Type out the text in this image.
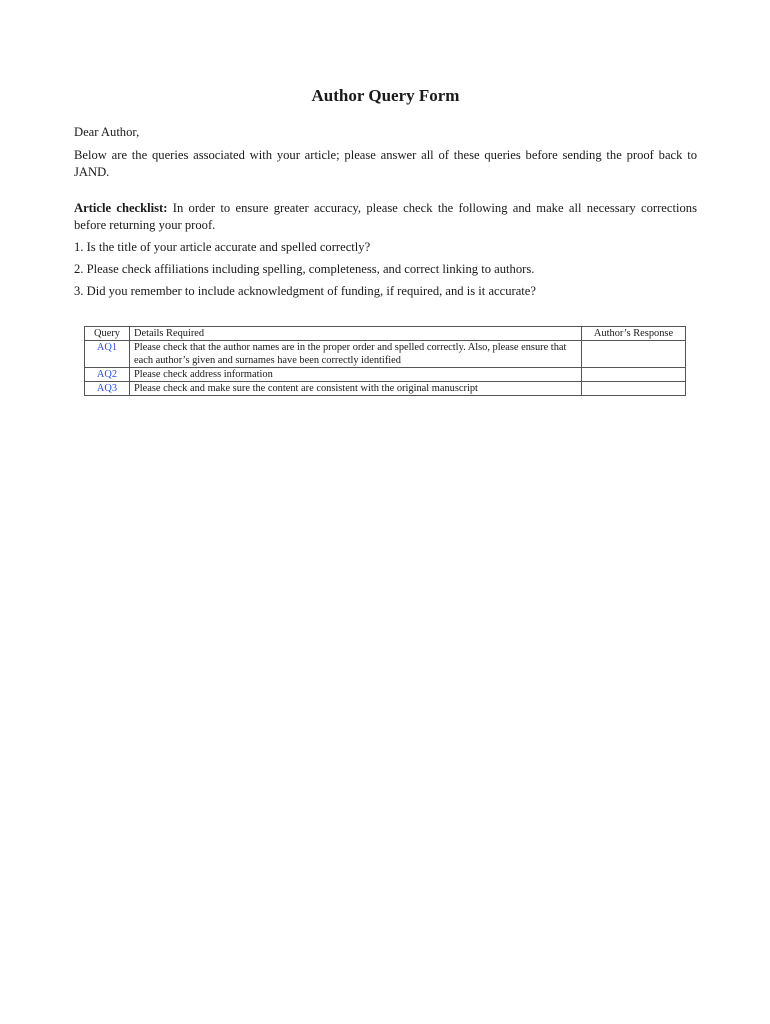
Author Query Form

Dear Author,

Below are the queries associated with your article; please answer all of these queries before sending the proof back to JAND.

Article checklist: In order to ensure greater accuracy, please check the following and make all necessary corrections before returning your proof.

1. Is the title of your article accurate and spelled correctly?
2. Please check affiliations including spelling, completeness, and correct linking to authors.
3. Did you remember to include acknowledgment of funding, if required, and is it accurate?
Query	Details Required	Author’s Response
AQ1	Please check that the author names are in the proper order and spelled correctly. Also, please ensure that each author’s given and surnames have been correctly identified	
AQ2	Please check address information	
AQ3	Please check and make sure the content are consistent with the original manuscript	
